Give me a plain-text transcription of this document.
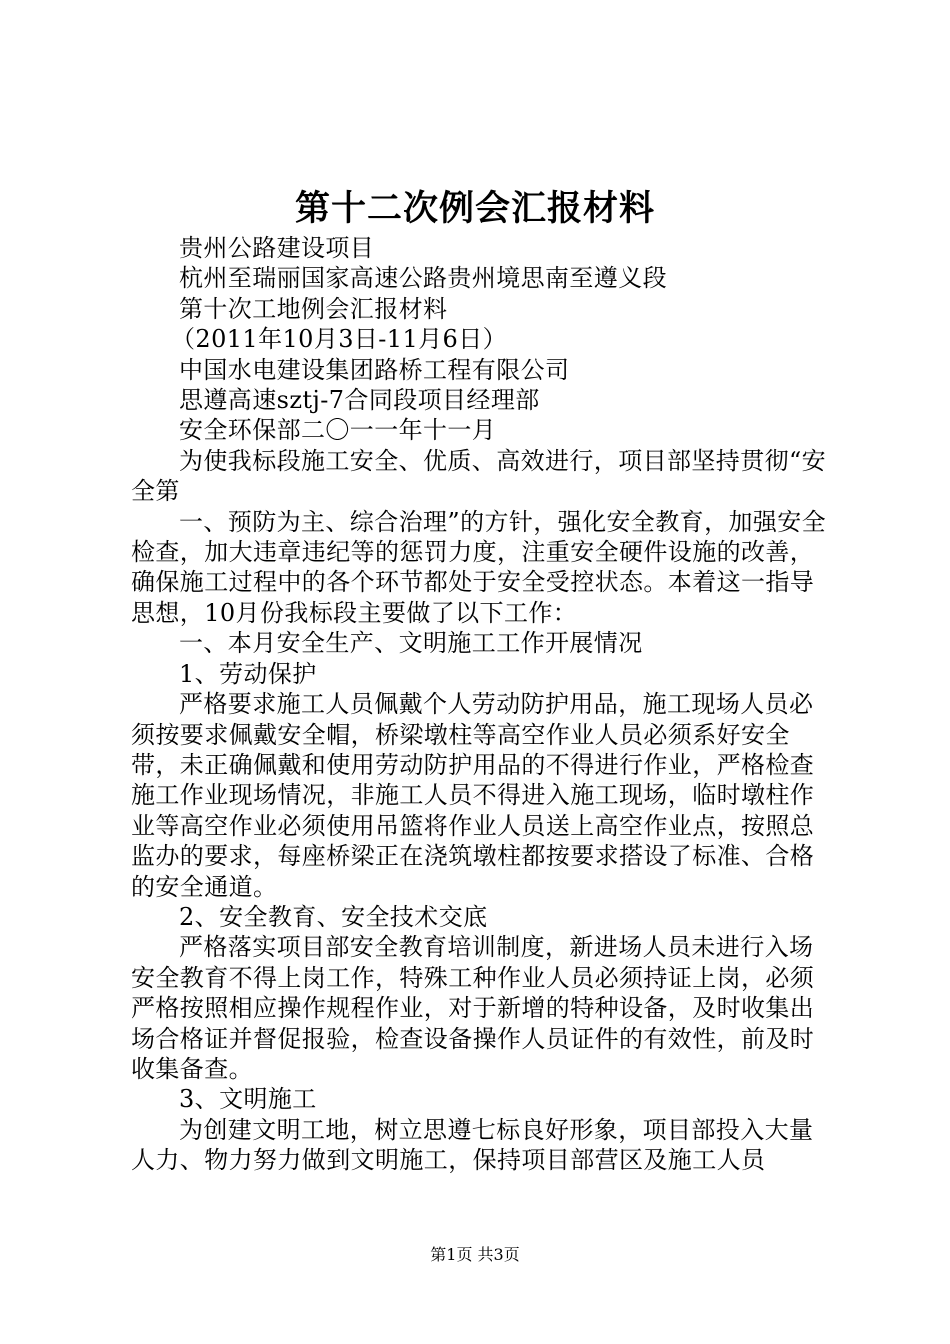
第十二次例会汇报材料

贵州公路建设项目

杭州至瑞丽国家高速公路贵州境思南至遵义段

第十次工地例会汇报材料

（2011年10月3日-11月6日）

中国水电建设集团路桥工程有限公司

思遵高速sztj-7合同段项目经理部

安全环保部二〇一一年十一月

为使我标段施工安全、优质、高效进行，项目部坚持贯彻“安全第

一、预防为主、综合治理”的方针，强化安全教育，加强安全检查，加大违章违纪等的惩罚力度，注重安全硬件设施的改善，确保施工过程中的各个环节都处于安全受控状态。本着这一指导思想，10月份我标段主要做了以下工作：

一、本月安全生产、文明施工工作开展情况

1、劳动保护

严格要求施工人员佩戴个人劳动防护用品，施工现场人员必须按要求佩戴安全帽，桥梁墩柱等高空作业人员必须系好安全带，未正确佩戴和使用劳动防护用品的不得进行作业，严格检查施工作业现场情况，非施工人员不得进入施工现场，临时墩柱作业等高空作业必须使用吊篮将作业人员送上高空作业点，按照总监办的要求，每座桥梁正在浇筑墩柱都按要求搭设了标准、合格的安全通道。

2、安全教育、安全技术交底

严格落实项目部安全教育培训制度，新进场人员未进行入场安全教育不得上岗工作，特殊工种作业人员必须持证上岗，必须严格按照相应操作规程作业，对于新增的特种设备，及时收集出场合格证并督促报验，检查设备操作人员证件的有效性，前及时收集备查。

3、文明施工

为创建文明工地，树立思遵七标良好形象，项目部投入大量人力、物力努力做到文明施工，保持项目部营区及施工人员

第1页 共3页
